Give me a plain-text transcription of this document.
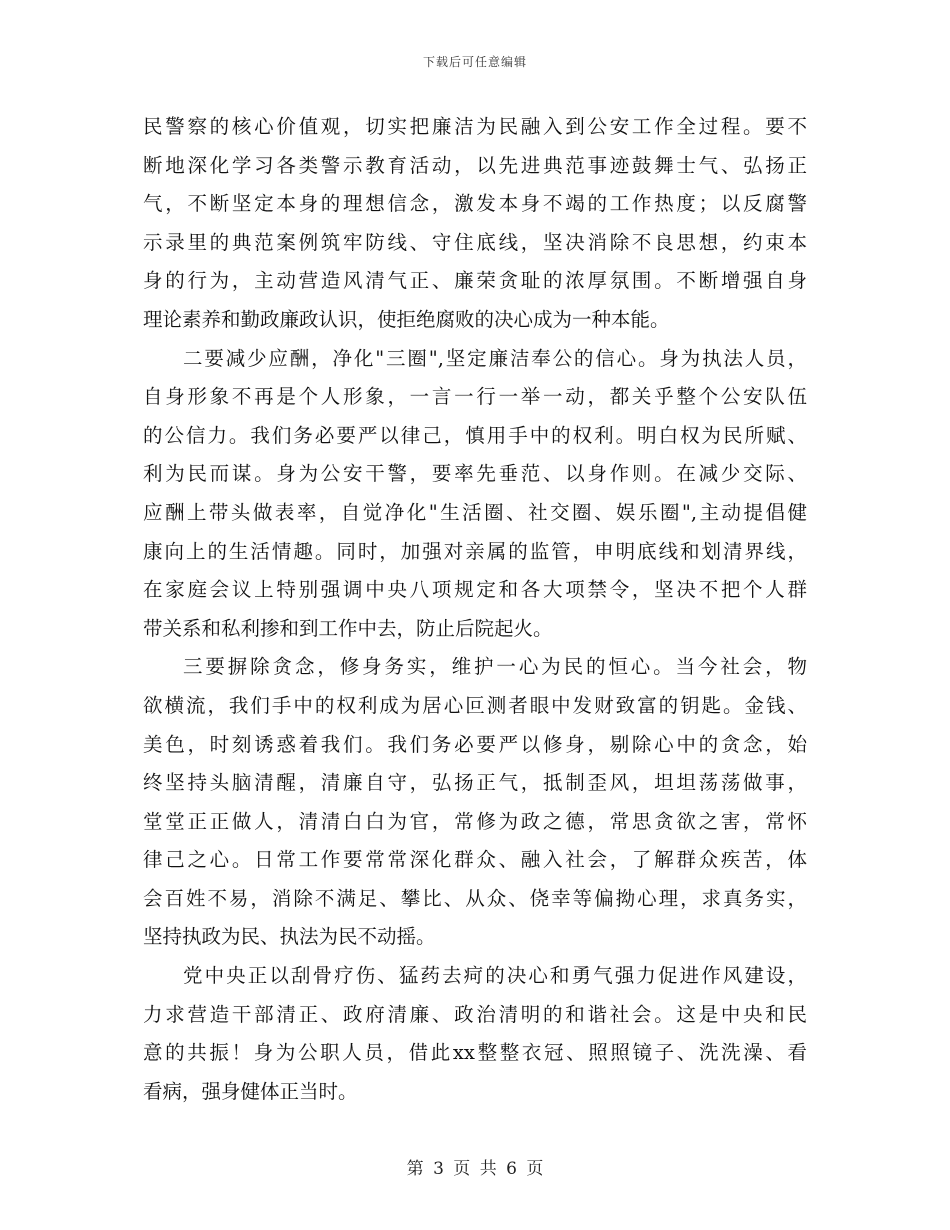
下载后可任意编辑
民警察的核心价值观，切实把廉洁为民融入到公安工作全过程。要不
断地深化学习各类警示教育活动，以先进典范事迹鼓舞士气、弘扬正
气，不断坚定本身的理想信念，激发本身不竭的工作热度；以反腐警
示录里的典范案例筑牢防线、守住底线，坚决消除不良思想，约束本
身的行为，主动营造风清气正、廉荣贪耻的浓厚氛围。不断增强自身
理论素养和勤政廉政认识，使拒绝腐败的决心成为一种本能。
二要减少应酬，净化"三圈",坚定廉洁奉公的信心。身为执法人员，
自身形象不再是个人形象，一言一行一举一动，都关乎整个公安队伍
的公信力。我们务必要严以律己，慎用手中的权利。明白权为民所赋、
利为民而谋。身为公安干警，要率先垂范、以身作则。在减少交际、
应酬上带头做表率，自觉净化"生活圈、社交圈、娱乐圈",主动提倡健
康向上的生活情趣。同时，加强对亲属的监管，申明底线和划清界线，
在家庭会议上特别强调中央八项规定和各大项禁令，坚决不把个人群
带关系和私利掺和到工作中去，防止后院起火。
三要摒除贪念，修身务实，维护一心为民的恒心。当今社会，物
欲横流，我们手中的权利成为居心叵测者眼中发财致富的钥匙。金钱、
美色，时刻诱惑着我们。我们务必要严以修身，剔除心中的贪念，始
终坚持头脑清醒，清廉自守，弘扬正气，抵制歪风，坦坦荡荡做事，
堂堂正正做人，清清白白为官，常修为政之德，常思贪欲之害，常怀
律己之心。日常工作要常常深化群众、融入社会，了解群众疾苦，体
会百姓不易，消除不满足、攀比、从众、侥幸等偏拗心理，求真务实，
坚持执政为民、执法为民不动摇。
党中央正以刮骨疗伤、猛药去疴的决心和勇气强力促进作风建设，
力求营造干部清正、政府清廉、政治清明的和谐社会。这是中央和民
意的共振！身为公职人员，借此xx整整衣冠、照照镜子、洗洗澡、看
看病，强身健体正当时。
第 3 页 共 6 页
